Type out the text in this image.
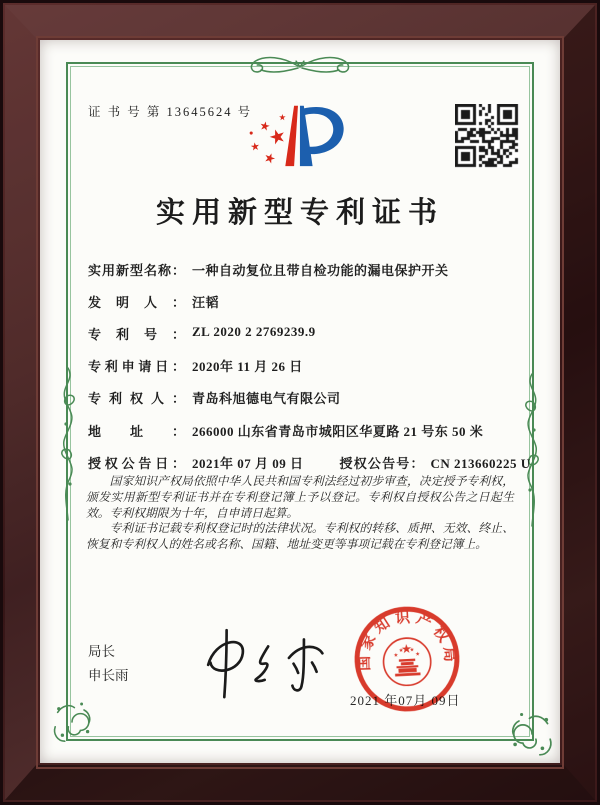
证 书 号 第 13645624 号
实用新型专利证书
实用新型名称： 一种自动复位且带自检功能的漏电保护开关
发明人： 汪韬
专利号： ZL 2020 2 2769239.9
专利申请日： 2020年 11 月 26 日
专利权人： 青岛科旭德电气有限公司
地址： 266000 山东省青岛市城阳区华夏路 21 号东 50 米
授权公告日： 2021年 07 月 09 日	授权公告号： CN 213660225 U

国家知识产权局依照中华人民共和国专利法经过初步审查，决定授予专利权，颁发实用新型专利证书并在专利登记簿上予以登记。专利权自授权公告之日起生效。专利权期限为十年，自申请日起算。

专利证书记载专利权登记时的法律状况。专利权的转移、质押、无效、终止、恢复和专利权人的姓名或名称、国籍、地址变更等事项记载在专利登记簿上。

局长
申长雨
2021 年07月 09日
国家知识产权局
